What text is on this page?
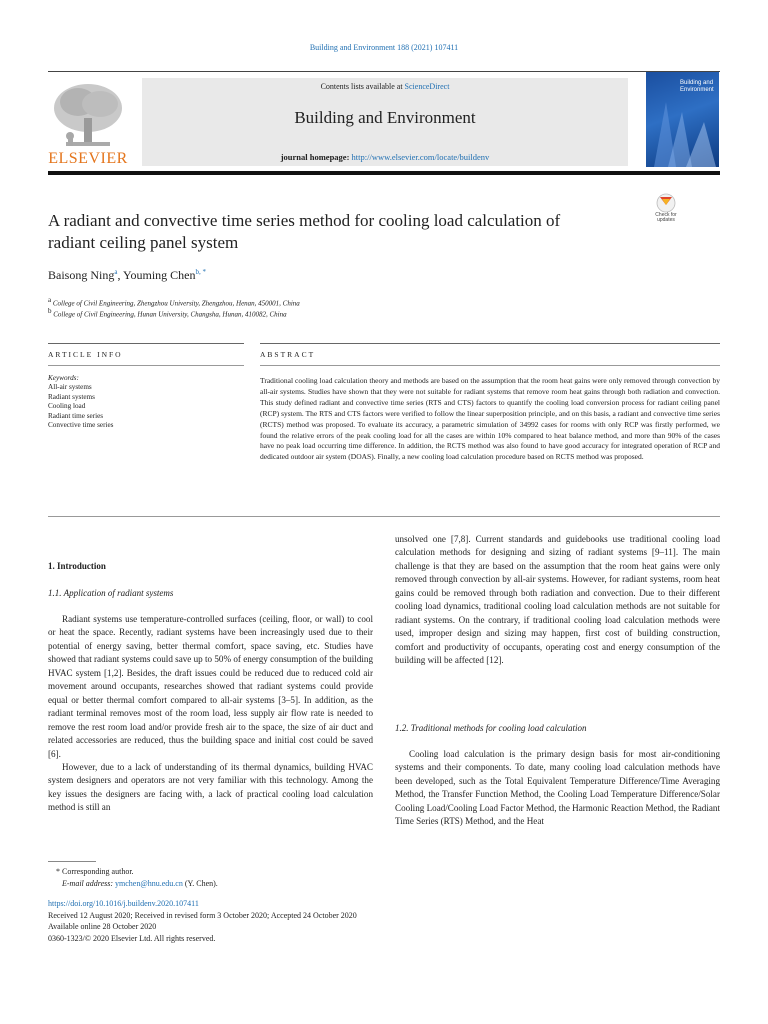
Building and Environment 188 (2021) 107411
ELSEVIER
Contents lists available at ScienceDirect
Building and Environment
journal homepage: http://www.elsevier.com/locate/buildenv
Building and
Environment
Check for
updates
A radiant and convective time series method for cooling load calculation of
radiant ceiling panel system
Baisong Ning$^a$, Youming Chen$^{b, *}$
$^a$ College of Civil Engineering, Zhengzhou University, Zhengzhou, Henan, 450001, China
$^b$ College of Civil Engineering, Hunan University, Changsha, Hunan, 410082, China
ARTICLE INFO	ABSTRACT
Keywords:
All-air systems
Radiant systems
Cooling load
Radiant time series
Convective time series
Traditional cooling load calculation theory and methods are based on the assumption that the room heat gains were only removed through convection by all-air systems. Studies have shown that they were not suitable for radiant systems that remove room heat gains through both radiation and convection. This study defined radiant and convective time series (RTS and CTS) factors to quantify the cooling load conversion process for radiant ceiling panel (RCP) system. The RTS and CTS factors were verified to follow the linear superposition principle, and on this basis, a radiant and convective time series (RCTS) method was proposed. To evaluate its accuracy, a parametric simulation of 34992 cases for rooms with only RCP was firstly performed, we found the relative errors of the peak cooling load for all the cases are within 10% compared to heat balance method, and more than 90% of the cases have no peak load occurring time difference. In addition, the RCTS method was also found to have good accuracy for integrated operation of RCP and dedicated outdoor air system (DOAS). Finally, a new cooling load calculation procedure based on RCTS method was proposed.
1. Introduction
1.1. Application of radiant systems

Radiant systems use temperature-controlled surfaces (ceiling, floor, or wall) to cool or heat the space. Recently, radiant systems have been increasingly used due to their potential of energy saving, better thermal comfort, space saving, etc. Studies have showed that radiant systems could save up to 50% of energy consumption of the building HVAC system [1,2]. Besides, the draft issues could be reduced due to reduced cold air movement around occupants, researches showed that radiant systems could provide equal or better thermal comfort compared to all-air systems [3–5]. In addition, as the radiant terminal removes most of the room load, less supply air flow rate is needed to remove the rest room load and/or provide fresh air to the space, the size of air duct and related accessories are reduced, thus the building space and initial cost could be saved [6].

However, due to a lack of understanding of its thermal dynamics, building HVAC system designers and operators are not very familiar with this technology. Among the key issues the designers are facing with, a lack of practical cooling load calculation method is still an

unsolved one [7,8]. Current standards and guidebooks use traditional cooling load calculation methods for designing and sizing of radiant systems [9–11]. The main challenge is that they are based on the assumption that the room heat gains were only removed through convection by all-air systems. However, for radiant systems, room heat gains could be removed through both radiation and convection. Due to their different cooling load dynamics, traditional cooling load calculation methods are not suitable for radiant systems. On the contrary, if traditional cooling load calculation methods were used, improper design and sizing may happen, first cost of building construction, comfort and productivity of occupants, operating cost and energy consumption of the building will be affected [12].

1.2. Traditional methods for cooling load calculation

Cooling load calculation is the primary design basis for most air-conditioning systems and their components. To date, many cooling load calculation methods have been developed, such as the Total Equivalent Temperature Difference/Time Averaging Method, the Transfer Function Method, the Cooling Load Temperature Difference/Solar Cooling Load/Cooling Load Factor Method, the Harmonic Reaction Method, the Radiant Time Series (RTS) Method, and the Heat

* Corresponding author.
E-mail address: ymchen@hnu.edu.cn (Y. Chen).
https://doi.org/10.1016/j.buildenv.2020.107411
Received 12 August 2020; Received in revised form 3 October 2020; Accepted 24 October 2020
Available online 28 October 2020
0360-1323/© 2020 Elsevier Ltd. All rights reserved.
